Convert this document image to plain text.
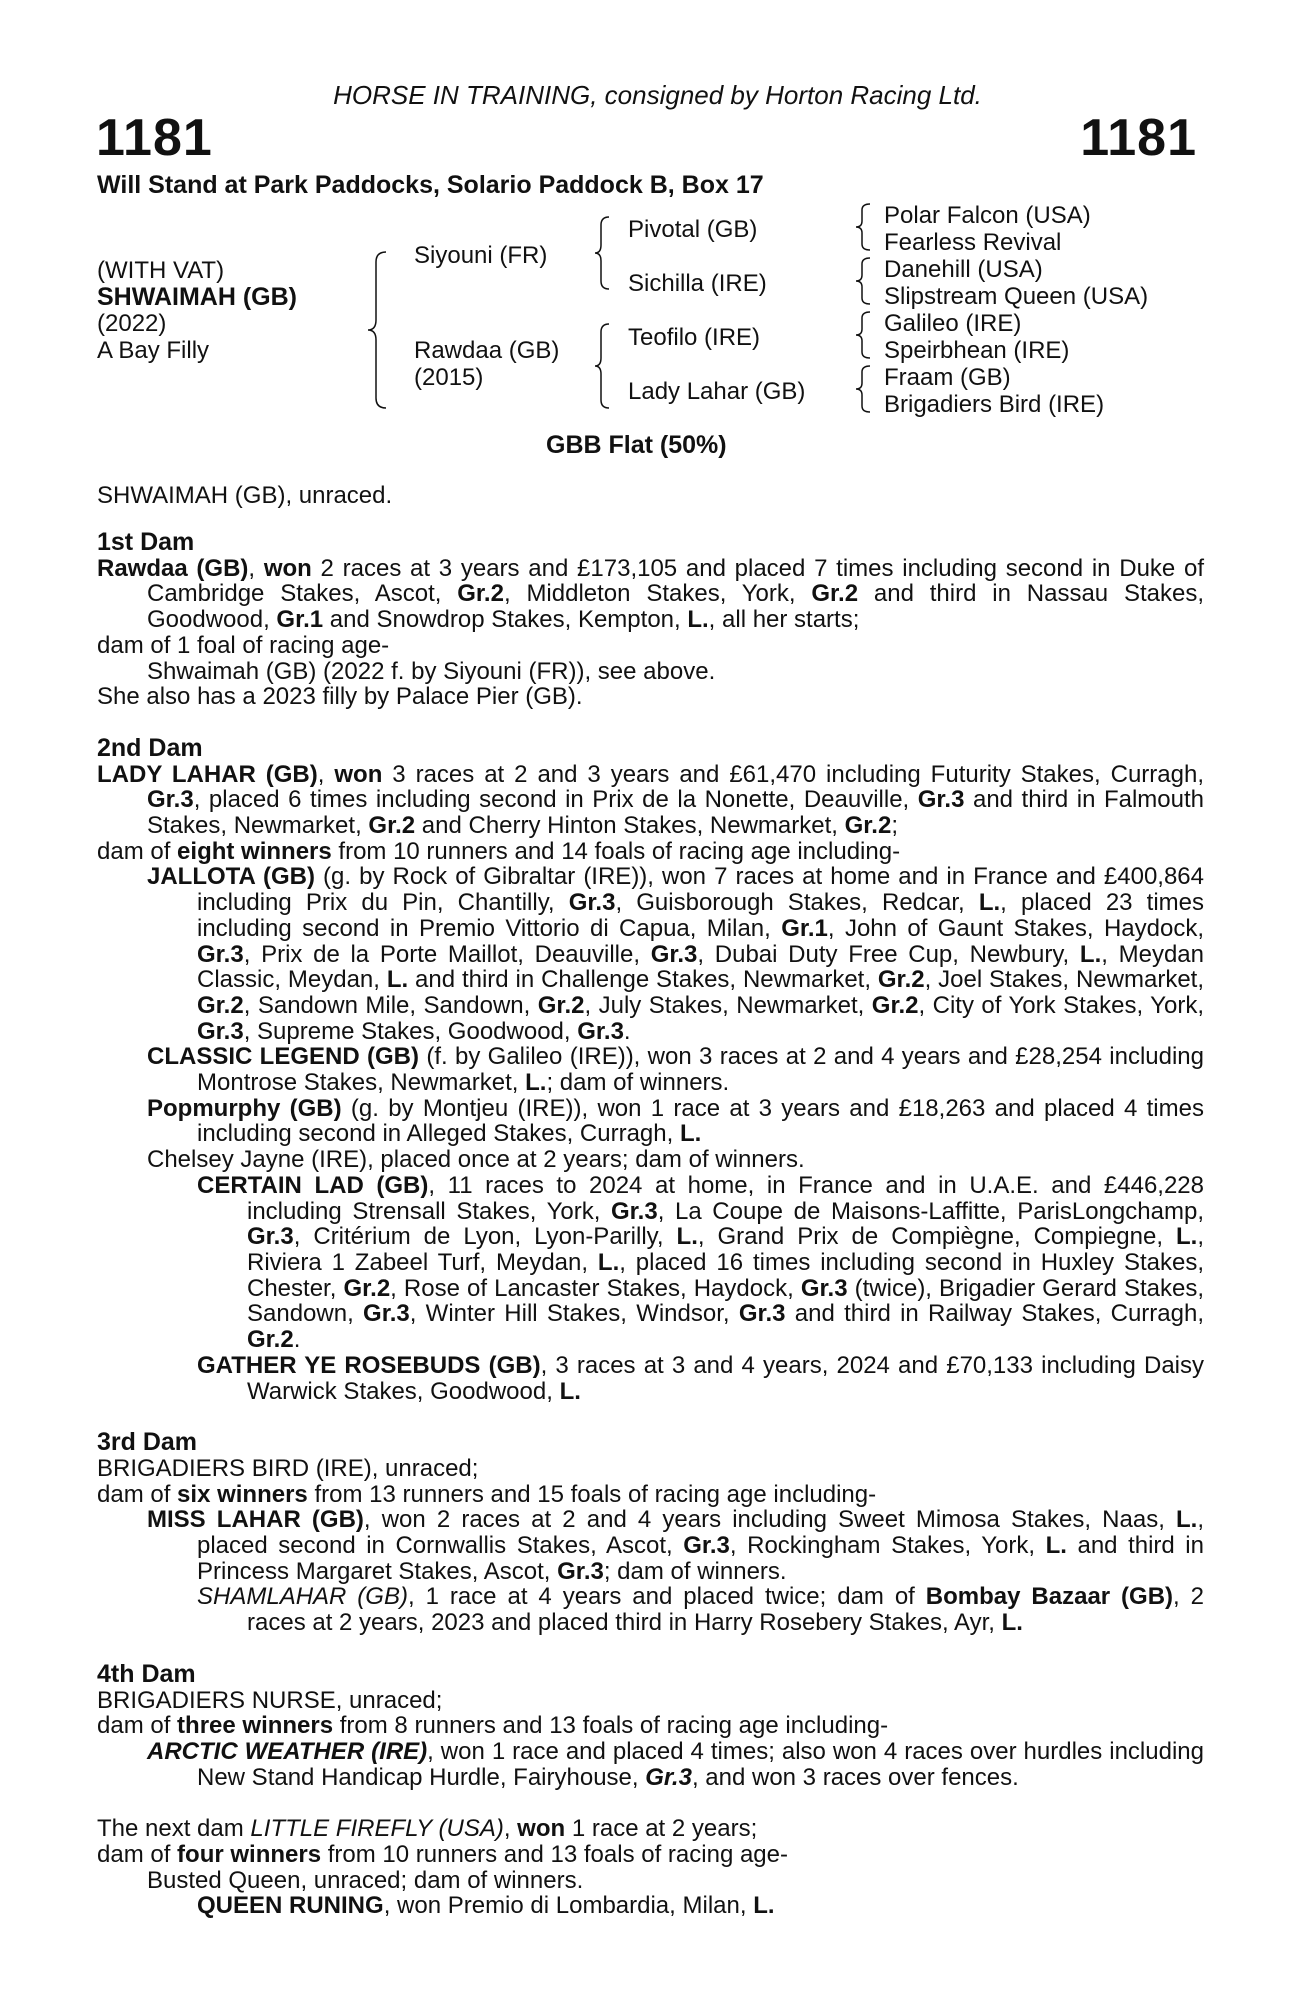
HORSE IN TRAINING, consigned by Horton Racing Ltd.
1181	1181
Will Stand at Park Paddocks, Solario Paddock B, Box 17
(WITH VAT)
SHWAIMAH (GB)
(2022)
A Bay Filly
Siyouni (FR)
Rawdaa (GB)
(2015)
Pivotal (GB)
Sichilla (IRE)
Teofilo (IRE)
Lady Lahar (GB)
Polar Falcon (USA)
Fearless Revival
Danehill (USA)
Slipstream Queen (USA)
Galileo (IRE)
Speirbhean (IRE)
Fraam (GB)
Brigadiers Bird (IRE)
GBB Flat (50%)
SHWAIMAH (GB), unraced.
1st Dam
Rawdaa (GB), won 2 races at 3 years and £173,105 and placed 7 times including second in Duke of Cambridge Stakes, Ascot, Gr.2, Middleton Stakes, York, Gr.2 and third in Nassau Stakes, Goodwood, Gr.1 and Snowdrop Stakes, Kempton, L., all her starts;
dam of 1 foal of racing age-
Shwaimah (GB) (2022 f. by Siyouni (FR)), see above.
She also has a 2023 filly by Palace Pier (GB).
2nd Dam
LADY LAHAR (GB), won 3 races at 2 and 3 years and £61,470 including Futurity Stakes, Curragh, Gr.3, placed 6 times including second in Prix de la Nonette, Deauville, Gr.3 and third in Falmouth Stakes, Newmarket, Gr.2 and Cherry Hinton Stakes, Newmarket, Gr.2;
dam of eight winners from 10 runners and 14 foals of racing age including-
JALLOTA (GB) (g. by Rock of Gibraltar (IRE)), won 7 races at home and in France and £400,864 including Prix du Pin, Chantilly, Gr.3, Guisborough Stakes, Redcar, L., placed 23 times including second in Premio Vittorio di Capua, Milan, Gr.1, John of Gaunt Stakes, Haydock, Gr.3, Prix de la Porte Maillot, Deauville, Gr.3, Dubai Duty Free Cup, Newbury, L., Meydan Classic, Meydan, L. and third in Challenge Stakes, Newmarket, Gr.2, Joel Stakes, Newmarket, Gr.2, Sandown Mile, Sandown, Gr.2, July Stakes, Newmarket, Gr.2, City of York Stakes, York, Gr.3, Supreme Stakes, Goodwood, Gr.3.
CLASSIC LEGEND (GB) (f. by Galileo (IRE)), won 3 races at 2 and 4 years and £28,254 including Montrose Stakes, Newmarket, L.; dam of winners.
Popmurphy (GB) (g. by Montjeu (IRE)), won 1 race at 3 years and £18,263 and placed 4 times including second in Alleged Stakes, Curragh, L.
Chelsey Jayne (IRE), placed once at 2 years; dam of winners.
CERTAIN LAD (GB), 11 races to 2024 at home, in France and in U.A.E. and £446,228 including Strensall Stakes, York, Gr.3, La Coupe de Maisons-Laffitte, ParisLongchamp, Gr.3, Critérium de Lyon, Lyon-Parilly, L., Grand Prix de Compiègne, Compiegne, L., Riviera 1 Zabeel Turf, Meydan, L., placed 16 times including second in Huxley Stakes, Chester, Gr.2, Rose of Lancaster Stakes, Haydock, Gr.3 (twice), Brigadier Gerard Stakes, Sandown, Gr.3, Winter Hill Stakes, Windsor, Gr.3 and third in Railway Stakes, Curragh, Gr.2.
GATHER YE ROSEBUDS (GB), 3 races at 3 and 4 years, 2024 and £70,133 including Daisy Warwick Stakes, Goodwood, L.
3rd Dam
BRIGADIERS BIRD (IRE), unraced;
dam of six winners from 13 runners and 15 foals of racing age including-
MISS LAHAR (GB), won 2 races at 2 and 4 years including Sweet Mimosa Stakes, Naas, L., placed second in Cornwallis Stakes, Ascot, Gr.3, Rockingham Stakes, York, L. and third in Princess Margaret Stakes, Ascot, Gr.3; dam of winners.
SHAMLAHAR (GB), 1 race at 4 years and placed twice; dam of Bombay Bazaar (GB), 2 races at 2 years, 2023 and placed third in Harry Rosebery Stakes, Ayr, L.
4th Dam
BRIGADIERS NURSE, unraced;
dam of three winners from 8 runners and 13 foals of racing age including-
ARCTIC WEATHER (IRE), won 1 race and placed 4 times; also won 4 races over hurdles including New Stand Handicap Hurdle, Fairyhouse, Gr.3, and won 3 races over fences.
The next dam LITTLE FIREFLY (USA), won 1 race at 2 years;
dam of four winners from 10 runners and 13 foals of racing age-
Busted Queen, unraced; dam of winners.
QUEEN RUNING, won Premio di Lombardia, Milan, L.
